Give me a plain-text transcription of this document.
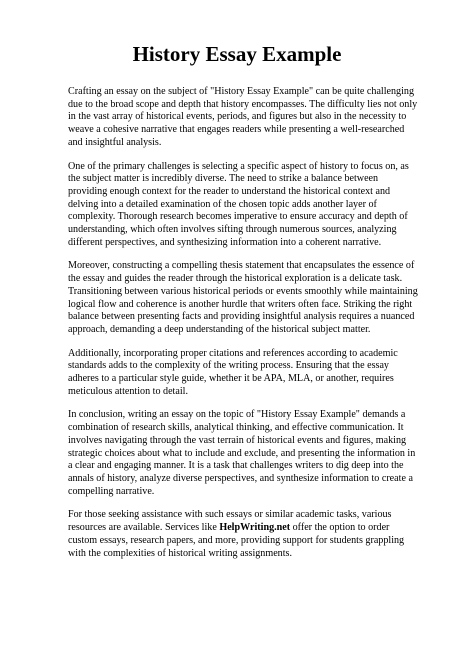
History Essay Example

Crafting an essay on the subject of "History Essay Example" can be quite challenging due to the broad scope and depth that history encompasses. The difficulty lies not only in the vast array of historical events, periods, and figures but also in the necessity to weave a cohesive narrative that engages readers while presenting a well-researched and insightful analysis.

One of the primary challenges is selecting a specific aspect of history to focus on, as the subject matter is incredibly diverse. The need to strike a balance between providing enough context for the reader to understand the historical context and delving into a detailed examination of the chosen topic adds another layer of complexity. Thorough research becomes imperative to ensure accuracy and depth of understanding, which often involves sifting through numerous sources, analyzing different perspectives, and synthesizing information into a coherent narrative.

Moreover, constructing a compelling thesis statement that encapsulates the essence of the essay and guides the reader through the historical exploration is a delicate task. Transitioning between various historical periods or events smoothly while maintaining logical flow and coherence is another hurdle that writers often face. Striking the right balance between presenting facts and providing insightful analysis requires a nuanced approach, demanding a deep understanding of the historical subject matter.

Additionally, incorporating proper citations and references according to academic standards adds to the complexity of the writing process. Ensuring that the essay adheres to a particular style guide, whether it be APA, MLA, or another, requires meticulous attention to detail.

In conclusion, writing an essay on the topic of "History Essay Example" demands a combination of research skills, analytical thinking, and effective communication. It involves navigating through the vast terrain of historical events and figures, making strategic choices about what to include and exclude, and presenting the information in a clear and engaging manner. It is a task that challenges writers to dig deep into the annals of history, analyze diverse perspectives, and synthesize information to create a compelling narrative.

For those seeking assistance with such essays or similar academic tasks, various resources are available. Services like HelpWriting.net offer the option to order custom essays, research papers, and more, providing support for students grappling with the complexities of historical writing assignments.
